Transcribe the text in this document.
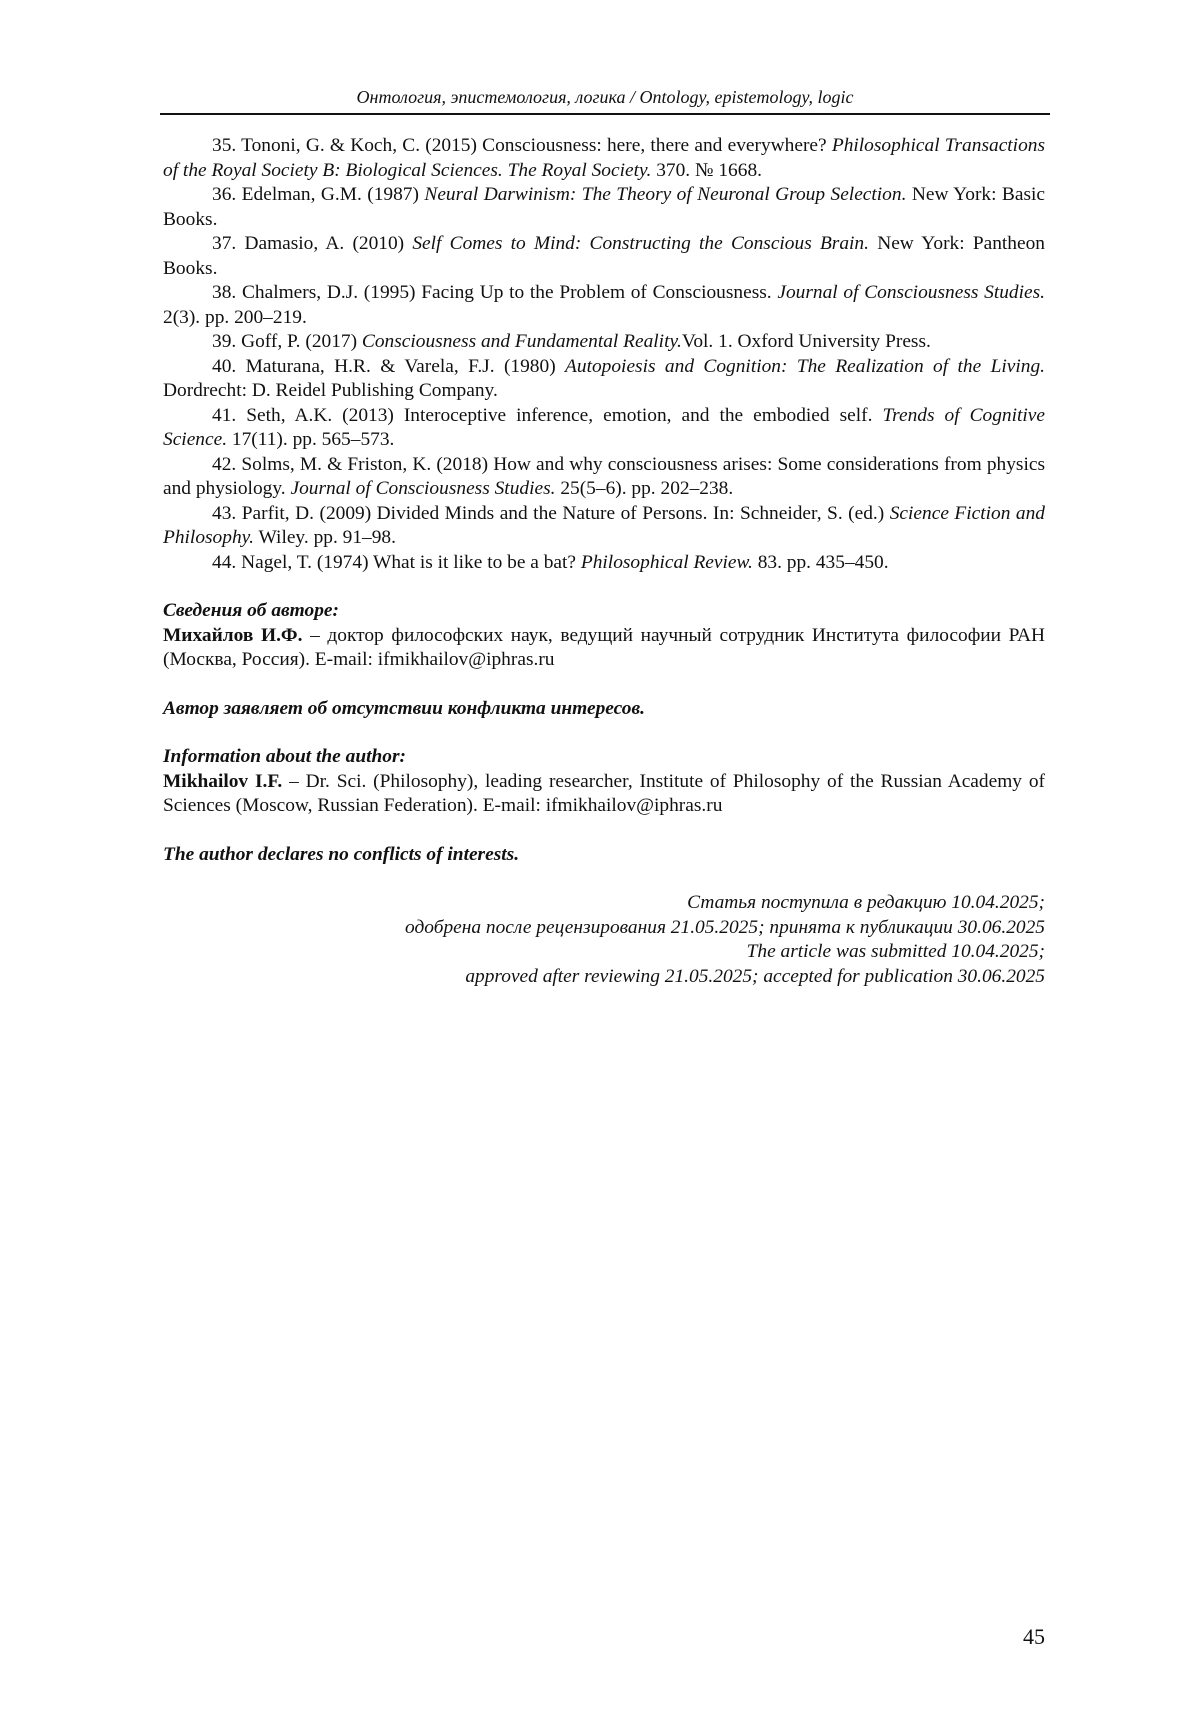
Онтология, эпистемология, логика / Ontology, epistemology, logic

35. Tononi, G. & Koch, C. (2015) Consciousness: here, there and everywhere? Philosophical Transactions of the Royal Society B: Biological Sciences. The Royal Society. 370. № 1668.

36. Edelman, G.M. (1987) Neural Darwinism: The Theory of Neuronal Group Selection. New York: Basic Books.

37. Damasio, A. (2010) Self Comes to Mind: Constructing the Conscious Brain. New York: Pantheon Books.

38. Chalmers, D.J. (1995) Facing Up to the Problem of Consciousness. Journal of Consciousness Studies. 2(3). pp. 200–219.

39. Goff, P. (2017) Consciousness and Fundamental Reality.Vol. 1. Oxford University Press.

40. Maturana, H.R. & Varela, F.J. (1980) Autopoiesis and Cognition: The Realization of the Living. Dordrecht: D. Reidel Publishing Company.

41. Seth, A.K. (2013) Interoceptive inference, emotion, and the embodied self. Trends of Cognitive Science. 17(11). pp. 565–573.

42. Solms, M. & Friston, K. (2018) How and why consciousness arises: Some considerations from physics and physiology. Journal of Consciousness Studies. 25(5–6). pp. 202–238.

43. Parfit, D. (2009) Divided Minds and the Nature of Persons. In: Schneider, S. (ed.) Science Fiction and Philosophy. Wiley. pp. 91–98.

44. Nagel, T. (1974) What is it like to be a bat? Philosophical Review. 83. pp. 435–450.

Сведения об авторе:

Михайлов И.Ф. – доктор философских наук, ведущий научный сотрудник Института философии РАН (Москва, Россия). E-mail: ifmikhailov@iphras.ru

Автор заявляет об отсутствии конфликта интересов.

Information about the author:

Mikhailov I.F. – Dr. Sci. (Philosophy), leading researcher, Institute of Philosophy of the Russian Academy of Sciences (Moscow, Russian Federation). E-mail: ifmikhailov@iphras.ru

The author declares no conflicts of interests.

Статья поступила в редакцию 10.04.2025;

одобрена после рецензирования 21.05.2025; принята к публикации 30.06.2025

The article was submitted 10.04.2025;

approved after reviewing 21.05.2025; accepted for publication 30.06.2025

45
